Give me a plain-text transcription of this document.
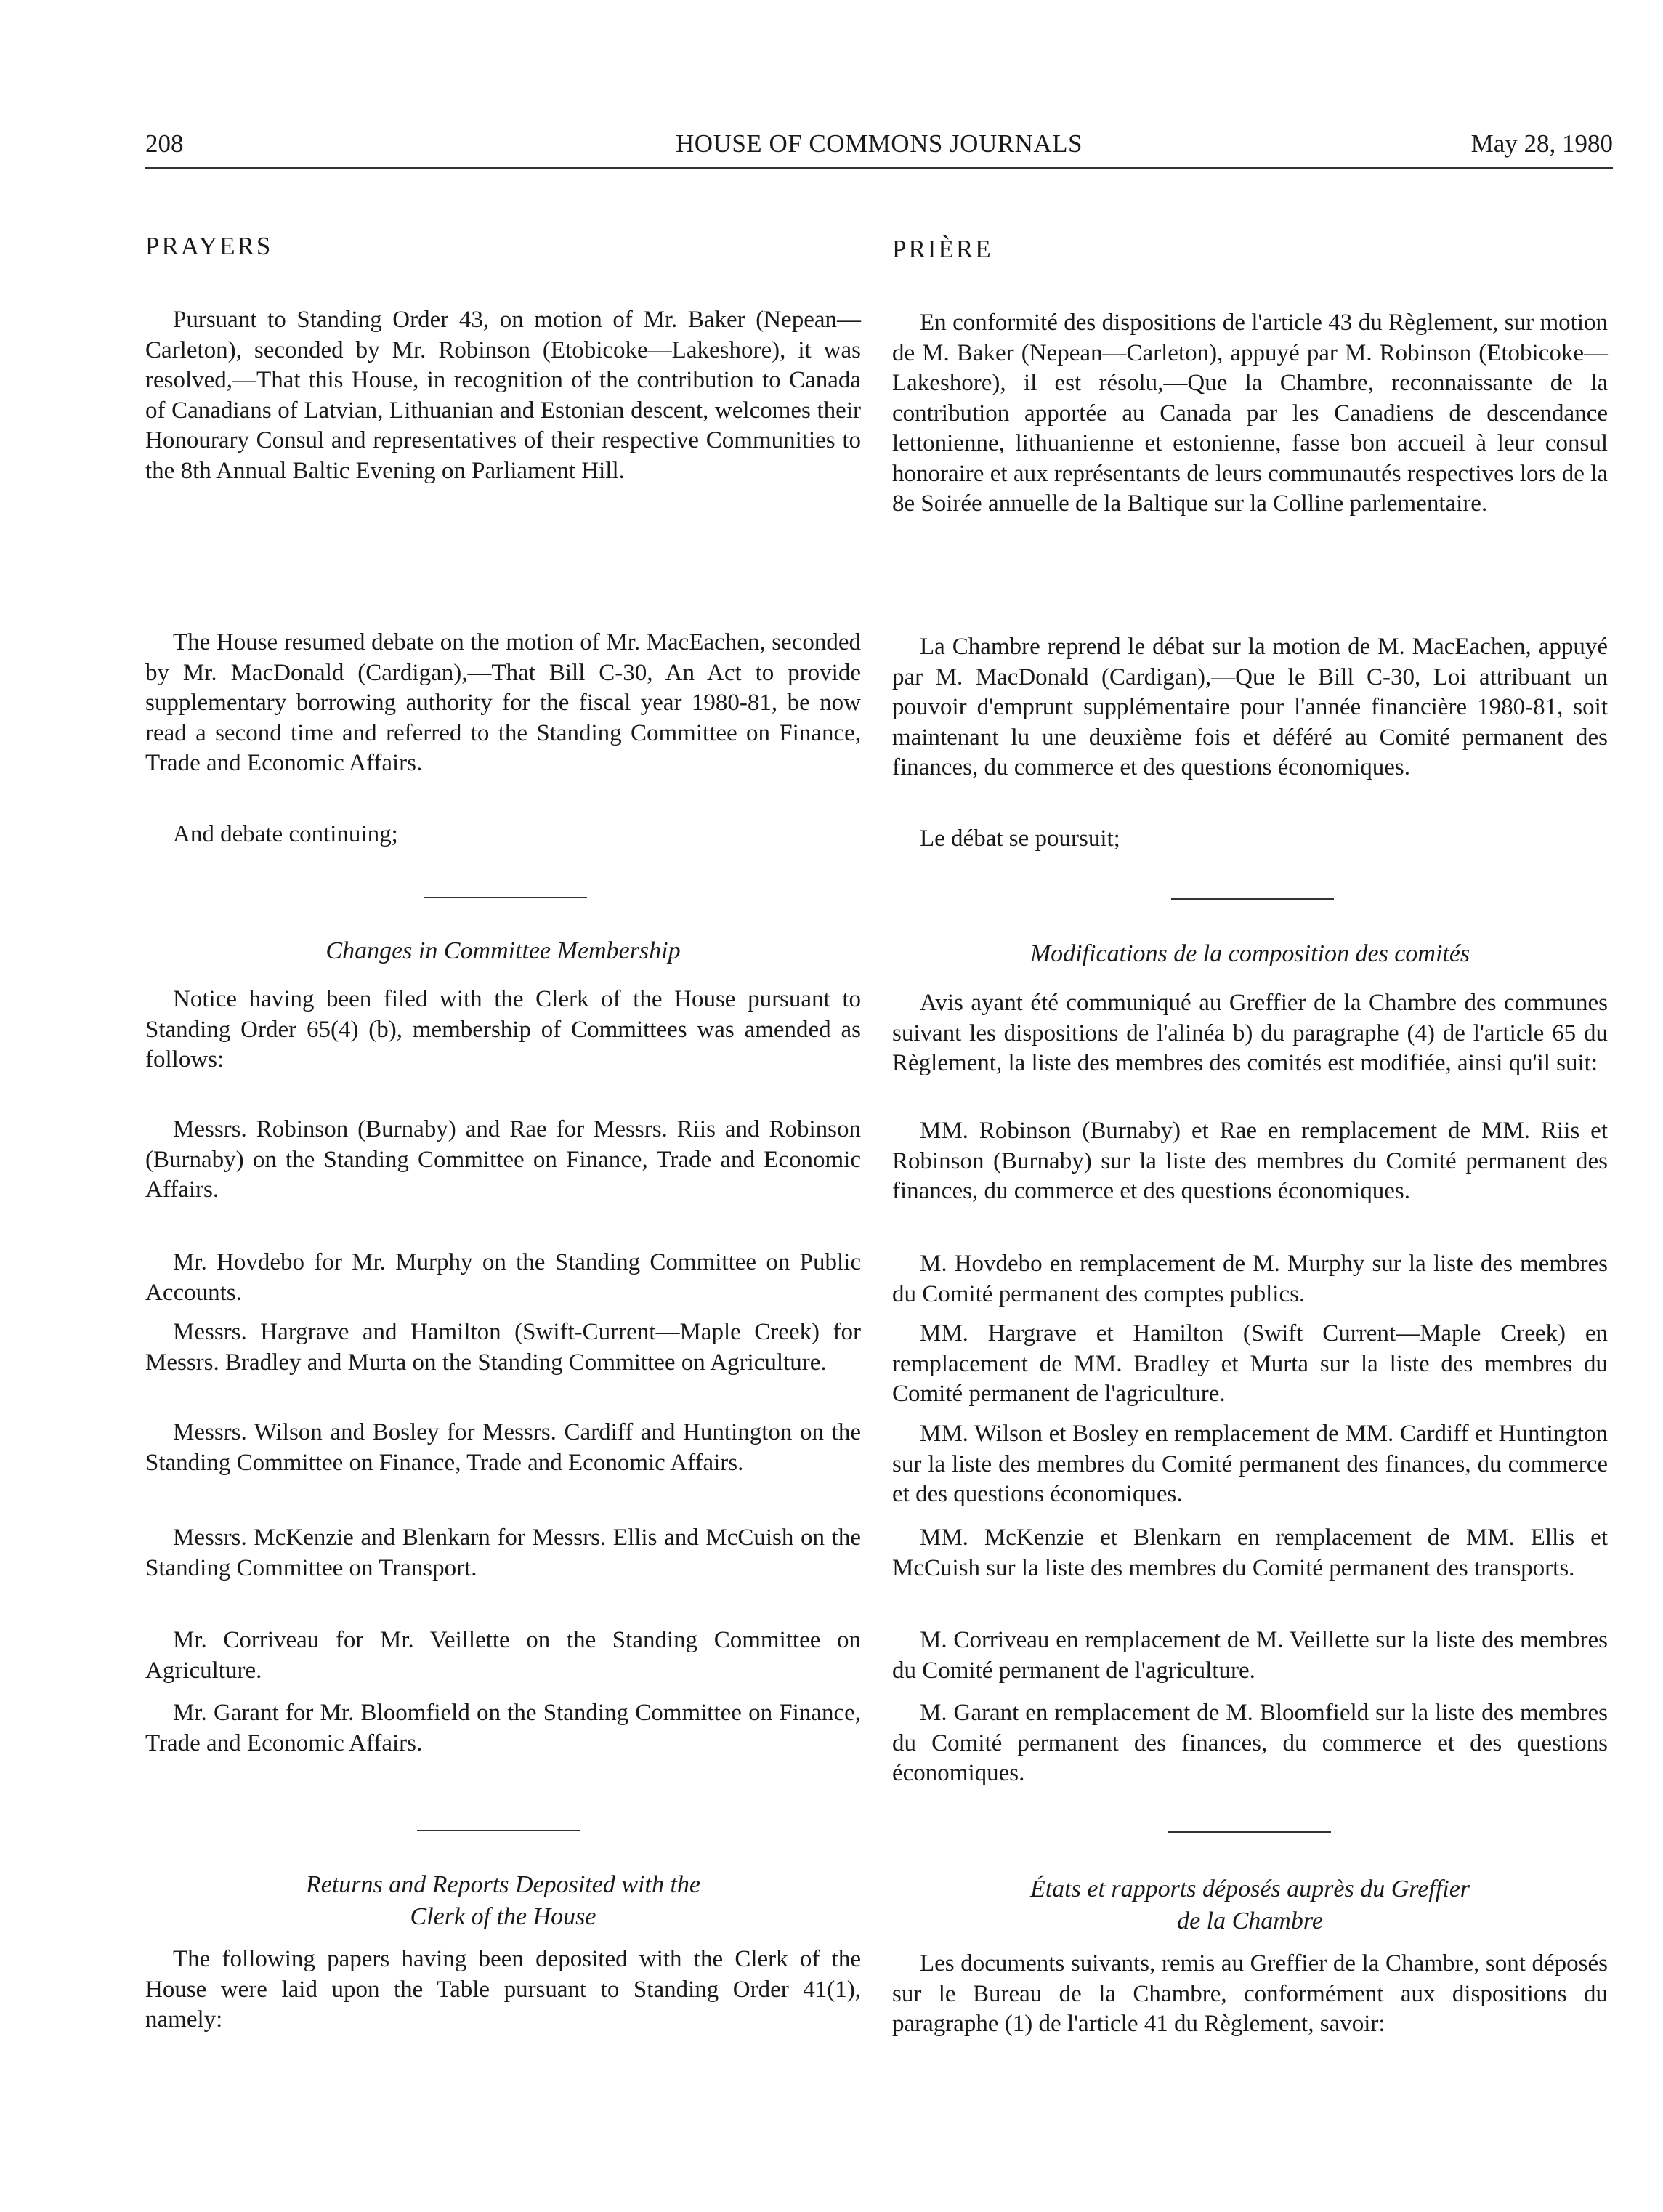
208	HOUSE OF COMMONS JOURNALS	May 28, 1980
PRAYERS	PRIÈRE
Pursuant to Standing Order 43, on motion of Mr. Baker (Nepean—Carleton), seconded by Mr. Robinson (Etobicoke—Lakeshore), it was resolved,—That this House, in recognition of the contribution to Canada of Canadians of Latvian, Lithuanian and Estonian descent, welcomes their Honourary Consul and representatives of their respective Communities to the 8th Annual Baltic Evening on Parliament Hill.
En conformité des dispositions de l'article 43 du Règlement, sur motion de M. Baker (Nepean—Carleton), appuyé par M. Robinson (Etobicoke—Lakeshore), il est résolu,—Que la Chambre, reconnaissante de la contribution apportée au Canada par les Canadiens de descendance lettonienne, lithuanienne et estonienne, fasse bon accueil à leur consul honoraire et aux représentants de leurs communautés respectives lors de la 8e Soirée annuelle de la Baltique sur la Colline parlementaire.
The House resumed debate on the motion of Mr. MacEachen, seconded by Mr. MacDonald (Cardigan),—That Bill C-30, An Act to provide supplementary borrowing authority for the fiscal year 1980-81, be now read a second time and referred to the Standing Committee on Finance, Trade and Economic Affairs.
La Chambre reprend le débat sur la motion de M. MacEachen, appuyé par M. MacDonald (Cardigan),—Que le Bill C-30, Loi attribuant un pouvoir d'emprunt supplémentaire pour l'année financière 1980-81, soit maintenant lu une deuxième fois et déféré au Comité permanent des finances, du commerce et des questions économiques.
And debate continuing;	Le débat se poursuit;
Changes in Committee Membership	Modifications de la composition des comités
Notice having been filed with the Clerk of the House pursuant to Standing Order 65(4) (b), membership of Committees was amended as follows:
Avis ayant été communiqué au Greffier de la Chambre des communes suivant les dispositions de l'alinéa b) du paragraphe (4) de l'article 65 du Règlement, la liste des membres des comités est modifiée, ainsi qu'il suit:
Messrs. Robinson (Burnaby) and Rae for Messrs. Riis and Robinson (Burnaby) on the Standing Committee on Finance, Trade and Economic Affairs.
MM. Robinson (Burnaby) et Rae en remplacement de MM. Riis et Robinson (Burnaby) sur la liste des membres du Comité permanent des finances, du commerce et des questions économiques.
Mr. Hovdebo for Mr. Murphy on the Standing Committee on Public Accounts.
M. Hovdebo en remplacement de M. Murphy sur la liste des membres du Comité permanent des comptes publics.
Messrs. Hargrave and Hamilton (Swift-Current—Maple Creek) for Messrs. Bradley and Murta on the Standing Committee on Agriculture.
MM. Hargrave et Hamilton (Swift Current—Maple Creek) en remplacement de MM. Bradley et Murta sur la liste des membres du Comité permanent de l'agriculture.
Messrs. Wilson and Bosley for Messrs. Cardiff and Huntington on the Standing Committee on Finance, Trade and Economic Affairs.
MM. Wilson et Bosley en remplacement de MM. Cardiff et Huntington sur la liste des membres du Comité permanent des finances, du commerce et des questions économiques.
Messrs. McKenzie and Blenkarn for Messrs. Ellis and McCuish on the Standing Committee on Transport.
MM. McKenzie et Blenkarn en remplacement de MM. Ellis et McCuish sur la liste des membres du Comité permanent des transports.
Mr. Corriveau for Mr. Veillette on the Standing Committee on Agriculture.
M. Corriveau en remplacement de M. Veillette sur la liste des membres du Comité permanent de l'agriculture.
Mr. Garant for Mr. Bloomfield on the Standing Committee on Finance, Trade and Economic Affairs.
M. Garant en remplacement de M. Bloomfield sur la liste des membres du Comité permanent des finances, du commerce et des questions économiques.
Returns and Reports Deposited with the
Clerk of the House
États et rapports déposés auprès du Greffier
de la Chambre
The following papers having been deposited with the Clerk of the House were laid upon the Table pursuant to Standing Order 41(1), namely:
Les documents suivants, remis au Greffier de la Chambre, sont déposés sur le Bureau de la Chambre, conformément aux dispositions du paragraphe (1) de l'article 41 du Règlement, savoir:
